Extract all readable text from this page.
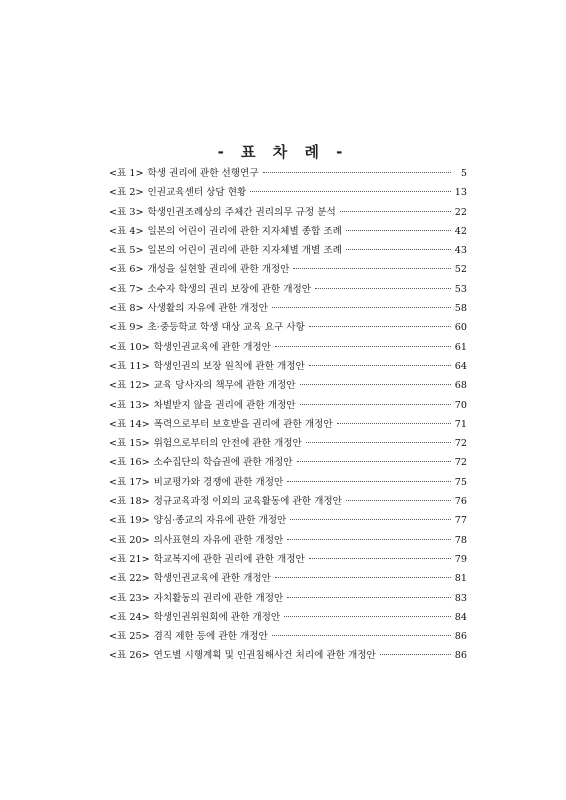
- 표 차 례 -
<표 1> 학생 권리에 관한 선행연구	5
<표 2> 인권교육센터 상담 현황	13
<표 3> 학생인권조례상의 주체간 권리의무 규정 분석	22
<표 4> 일본의 어린이 권리에 관한 지자체별 종합 조례	42
<표 5> 일본의 어린이 권리에 관한 지자체별 개별 조례	43
<표 6> 개성을 실현할 권리에 관한 개정안	52
<표 7> 소수자 학생의 권리 보장에 관한 개정안	53
<표 8> 사생활의 자유에 관한 개정안	58
<표 9> 초·중등학교 학생 대상 교육 요구 사항	60
<표 10> 학생인권교육에 관한 개정안	61
<표 11> 학생인권의 보장 원칙에 관한 개정안	64
<표 12> 교육 당사자의 책무에 관한 개정안	68
<표 13> 차별받지 않을 권리에 관한 개정안	70
<표 14> 폭력으로부터 보호받을 권리에 관한 개정안	71
<표 15> 위험으로부터의 안전에 관한 개정안	72
<표 16> 소수집단의 학습권에 관한 개정안	72
<표 17> 비교평가와 경쟁에 관한 개정안	75
<표 18> 정규교육과정 이외의 교육활동에 관한 개정안	76
<표 19> 양심·종교의 자유에 관한 개정안	77
<표 20> 의사표현의 자유에 관한 개정안	78
<표 21> 학교복지에 관한 권리에 관한 개정안	79
<표 22> 학생인권교육에 관한 개정안	81
<표 23> 자치활동의 권리에 관한 개정안	83
<표 24> 학생인권위원회에 관한 개정안	84
<표 25> 겸직 제한 등에 관한 개정안	86
<표 26> 연도별 시행계획 및 인권침해사건 처리에 관한 개정안	86
